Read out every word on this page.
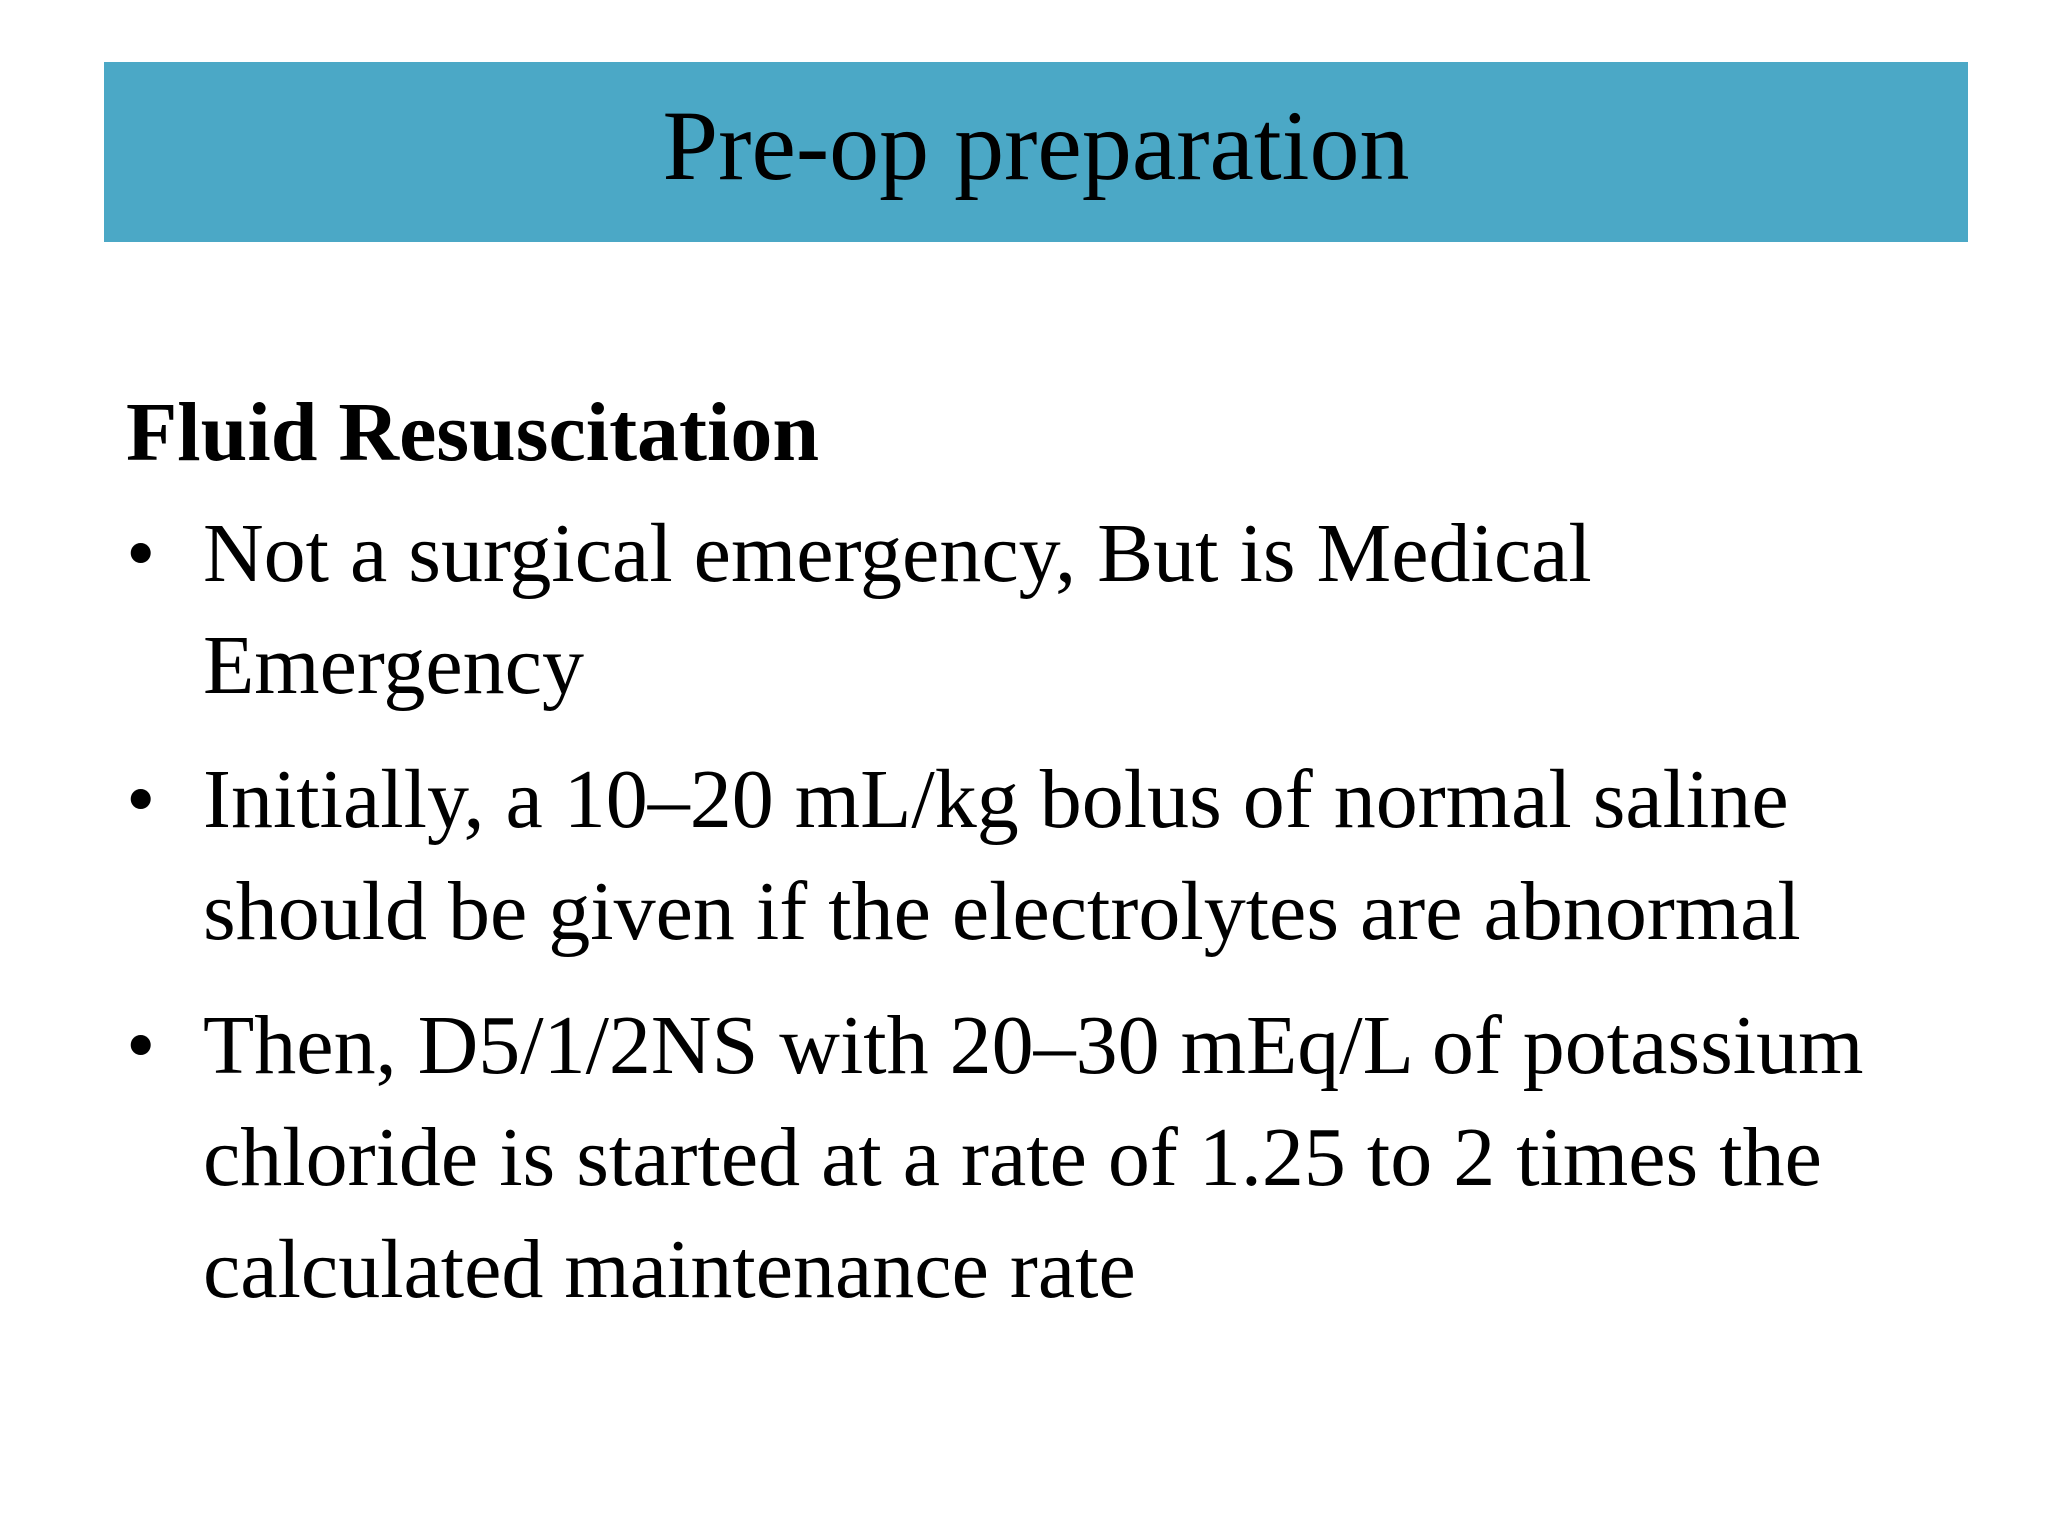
Pre-op preparation
Fluid Resuscitation
• Not a surgical emergency, But is Medical Emergency
• Initially, a 10–20 mL/kg bolus of normal saline should be given if the electrolytes are abnormal
• Then, D5/1/2NS with 20–30 mEq/L of potassium chloride is started at a rate of 1.25 to 2 times the calculated maintenance rate
